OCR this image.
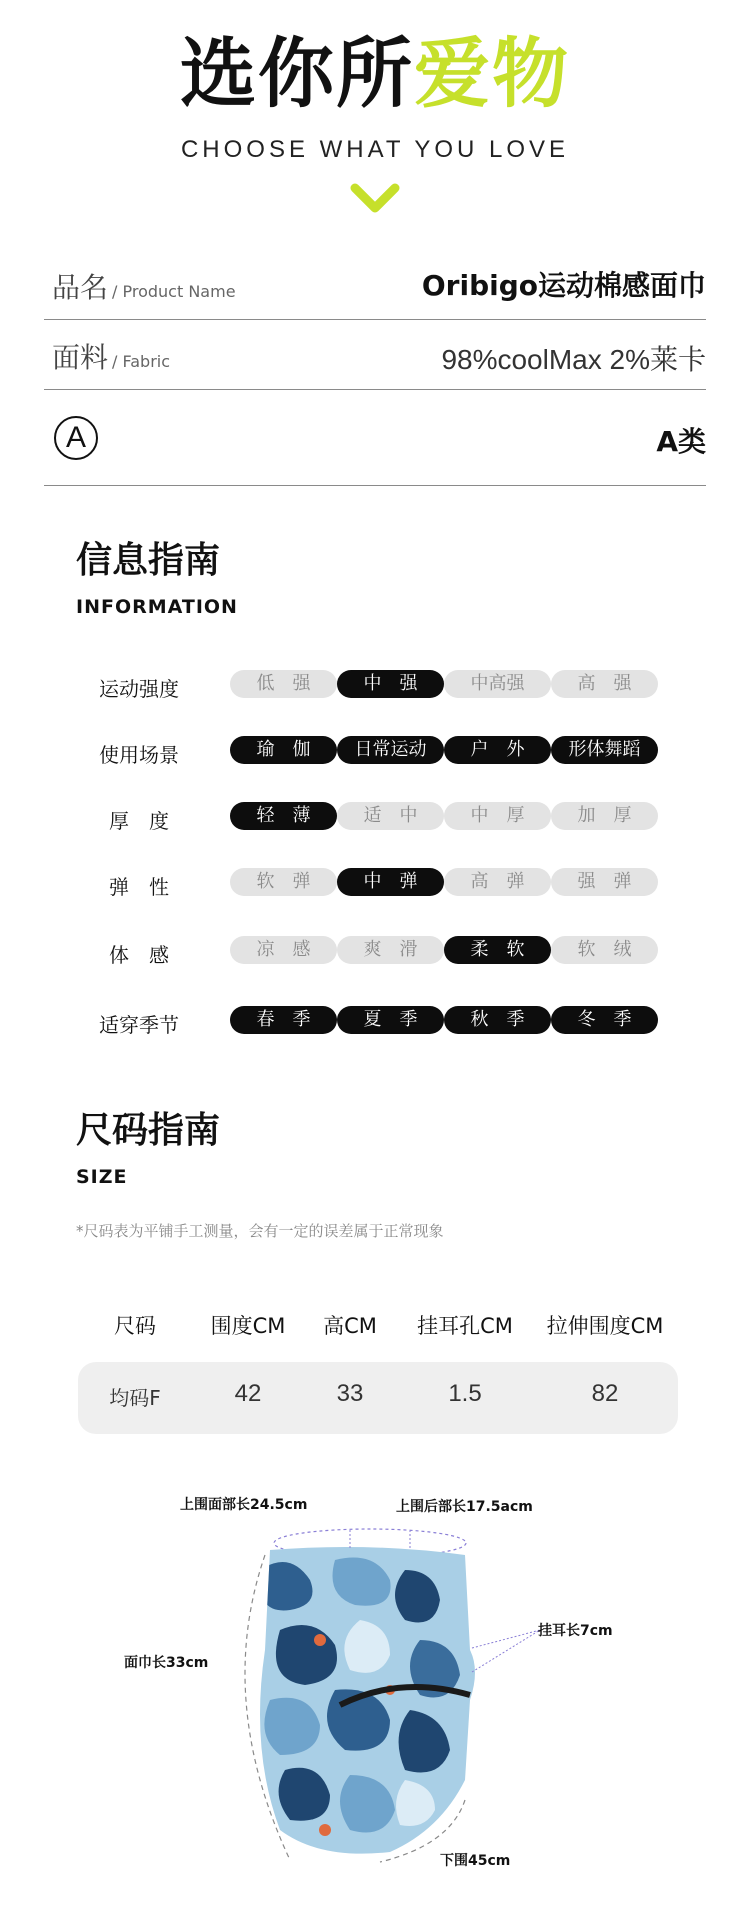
选你所爱物
CHOOSE WHAT YOU LOVE
品名 / Product Name	Oribigo运动棉感面巾
面料 / Fabric	98%coolMax 2%莱卡
A	A类
信息指南
INFORMATION
运动强度	低　强	中　强	中高强	高　强
使用场景	瑜　伽	日常运动	户　外	形体舞蹈
厚　度	轻　薄	适　中	中　厚	加　厚
弹　性	软　弹	中　弹	高　弹	强　弹
体　感	凉　感	爽　滑	柔　软	软　绒
适穿季节	春　季	夏　季	秋　季	冬　季
尺码指南
SIZE
*尺码表为平铺手工测量，会有一定的误差属于正常现象
尺码	围度CM	高CM	挂耳孔CM	拉伸围度CM
均码F	42	33	1.5	82
上围面部长24.5cm	上围后部长17.5acm
挂耳长7cm
面巾长33cm
下围45cm
